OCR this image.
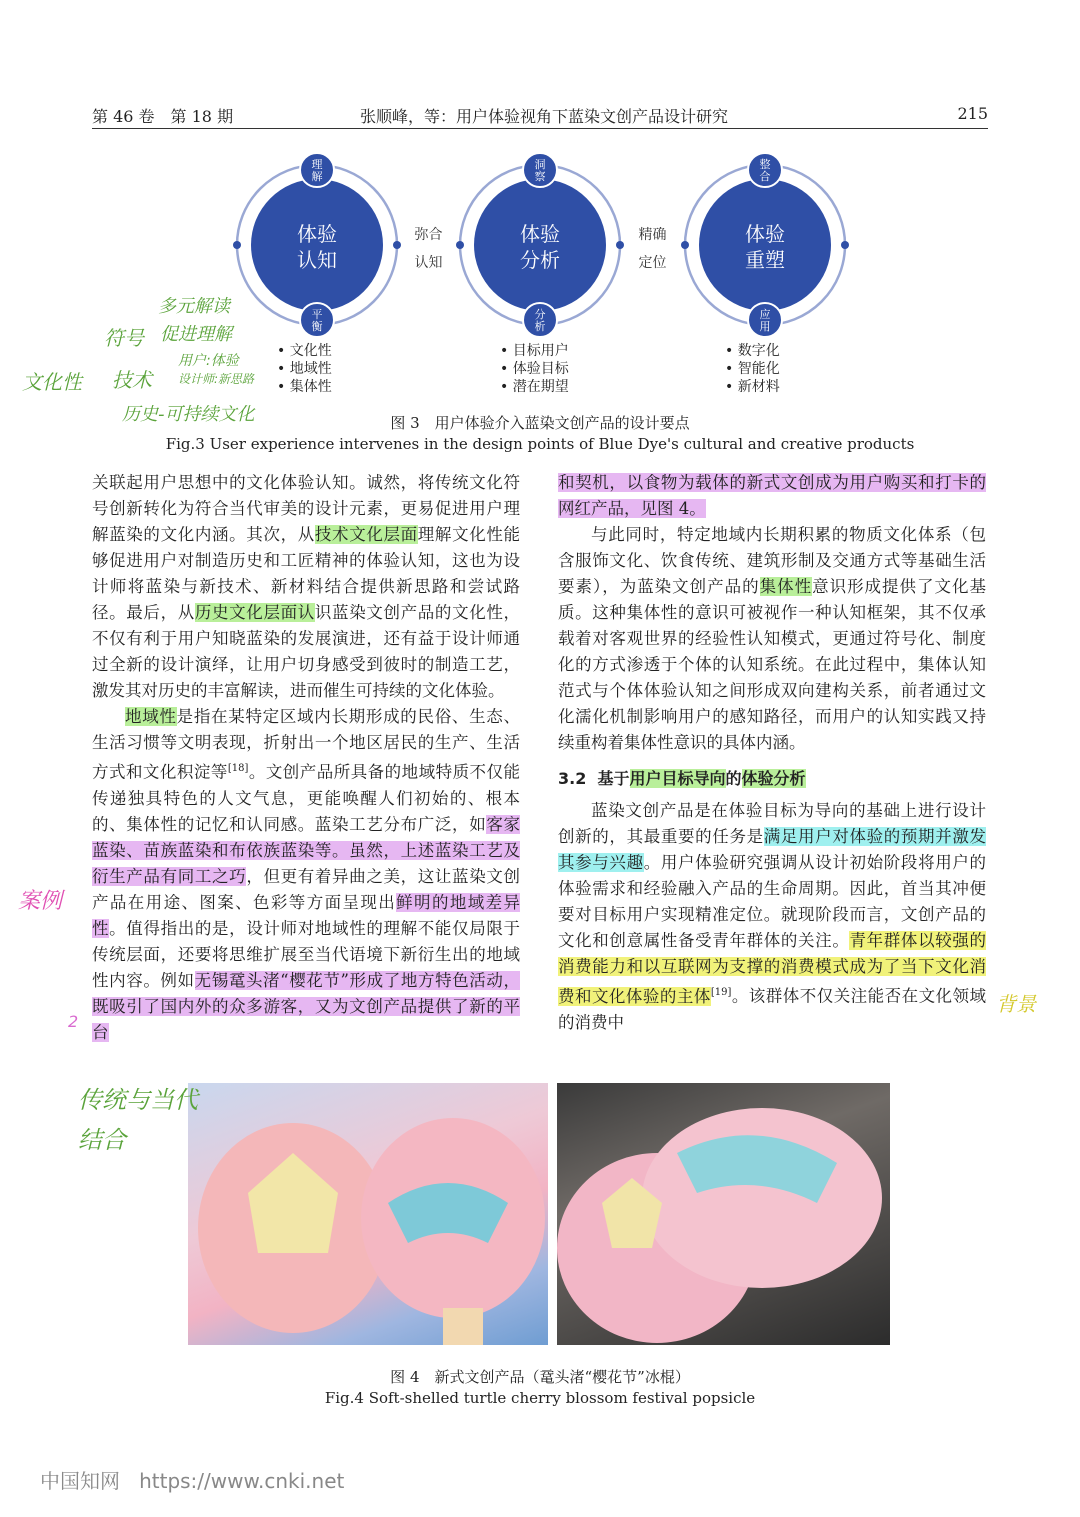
第 46 卷　第 18 期	张顺峰，等：用户体验视角下蓝染文创产品设计研究	215
体验
认知
理
解
平
衡
• 文化性
• 地域性
• 集体性
体验
分析
洞
察
分
析
• 目标用户
• 体验目标
• 潜在期望
体验
重塑
整
合
应
用
• 数字化
• 智能化
• 新材料
弥合
认知
精确
定位
图 3　用户体验介入蓝染文创产品的设计要点
Fig.3 User experience intervenes in the design points of Blue Dye's cultural and creative products

关联起用户思想中的文化体验认知。诚然，将传统文化符号创新转化为符合当代审美的设计元素，更易促进用户理解蓝染的文化内涵。其次，从技术文化层面理解文化性能够促进用户对制造历史和工匠精神的体验认知，这也为设计师将蓝染与新技术、新材料结合提供新思路和尝试路径。最后，从历史文化层面认识蓝染文创产品的文化性，不仅有利于用户知晓蓝染的发展演进，还有益于设计师通过全新的设计演绎，让用户切身感受到彼时的制造工艺，激发其对历史的丰富解读，进而催生可持续的文化体验。

地域性是指在某特定区域内长期形成的民俗、生态、生活习惯等文明表现，折射出一个地区居民的生产、生活方式和文化积淀等[18]。文创产品所具备的地域特质不仅能传递独具特色的人文气息，更能唤醒人们初始的、根本的、集体性的记忆和认同感。蓝染工艺分布广泛，如客家蓝染、苗族蓝染和布依族蓝染等。虽然，上述蓝染工艺及衍生产品有同工之巧，但更有着异曲之美，这让蓝染文创产品在用途、图案、色彩等方面呈现出鲜明的地域差异性。值得指出的是，设计师对地域性的理解不能仅局限于传统层面，还要将思维扩展至当代语境下新衍生出的地域性内容。例如无锡鼋头渚“樱花节”形成了地方特色活动，既吸引了国内外的众多游客，又为文创产品提供了新的平台

和契机，以食物为载体的新式文创成为用户购买和打卡的网红产品，见图 4。

与此同时，特定地域内长期积累的物质文化体系（包含服饰文化、饮食传统、建筑形制及交通方式等基础生活要素），为蓝染文创产品的集体性意识形成提供了文化基质。这种集体性的意识可被视作一种认知框架，其不仅承载着对客观世界的经验性认知模式，更通过符号化、制度化的方式渗透于个体的认知系统。在此过程中，集体认知范式与个体体验认知之间形成双向建构关系，前者通过文化濡化机制影响用户的感知路径，而用户的认知实践又持续重构着集体性意识的具体内涵。

3.2 基于用户目标导向的体验分析

蓝染文创产品是在体验目标为导向的基础上进行设计创新的，其最重要的任务是满足用户对体验的预期并激发其参与兴趣。用户体验研究强调从设计初始阶段将用户的体验需求和经验融入产品的生命周期。因此，首当其冲便要对目标用户实现精准定位。就现阶段而言，文创产品的文化和创意属性备受青年群体的关注。青年群体以较强的消费能力和以互联网为支撑的消费模式成为了当下文化消费和文化体验的主体[19]。该群体不仅关注能否在文化领域的消费中

图 4　新式文创产品（鼋头渚“樱花节”冰棍）
Fig.4 Soft-shelled turtle cherry blossom festival popsicle
文化性
符号
多元解读
促进理解
技术
用户:体验
设计师:新思路
历史-可持续文化
案例
2
传统与当代
结合
背景
中国知网 https://www.cnki.net
